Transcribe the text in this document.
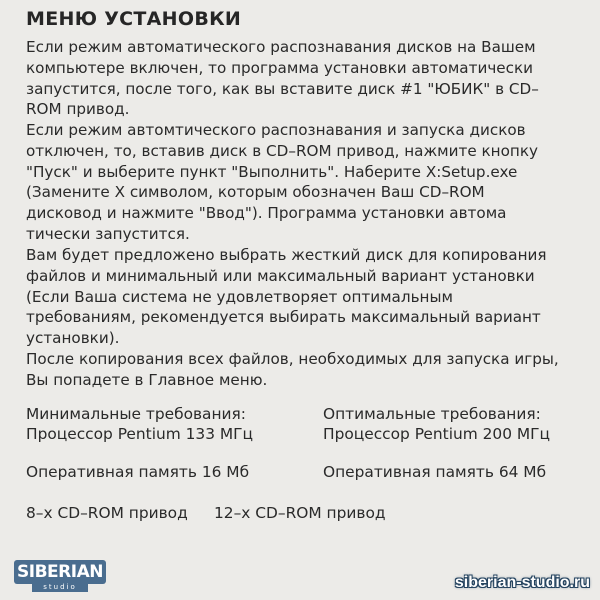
МЕНЮ УСТАНОВКИ
Если режим автоматического распознавания дисков на Вашем
компьютере включен, то программа установки автоматически
запустится, после того, как вы вставите диск #1 "ЮБИК" в CD–
ROM привод.
Если режим автомтического распознавания и запуска дисков
отключен, то, вставив диск в CD–ROM привод, нажмите кнопку
"Пуск" и выберите пункт "Выполнить". Наберите X:Setup.exe
(Замените X символом, которым обозначен Ваш CD–ROM
дисковод и нажмите "Ввод"). Программа установки автома
тически запустится.
Вам будет предложено выбрать жесткий диск для копирования
файлов и минимальный или максимальный вариант установки
(Если Ваша система не удовлетворяет оптимальным
требованиям, рекомендуется выбирать максимальный вариант
установки).
После копирования всех файлов, необходимых для запуска игры,
Вы попадете в Главное меню.
Минимальные требования:
Процессор Pentium 133 МГц
Оперативная память 16 Мб
8–х CD–ROM привод
Оптимальные требования:
Процессор Pentium 200 МГц
Оперативная память 64 Мб
12–х CD–ROM привод
SIBERIAN
studio	siberian-studio.ru
